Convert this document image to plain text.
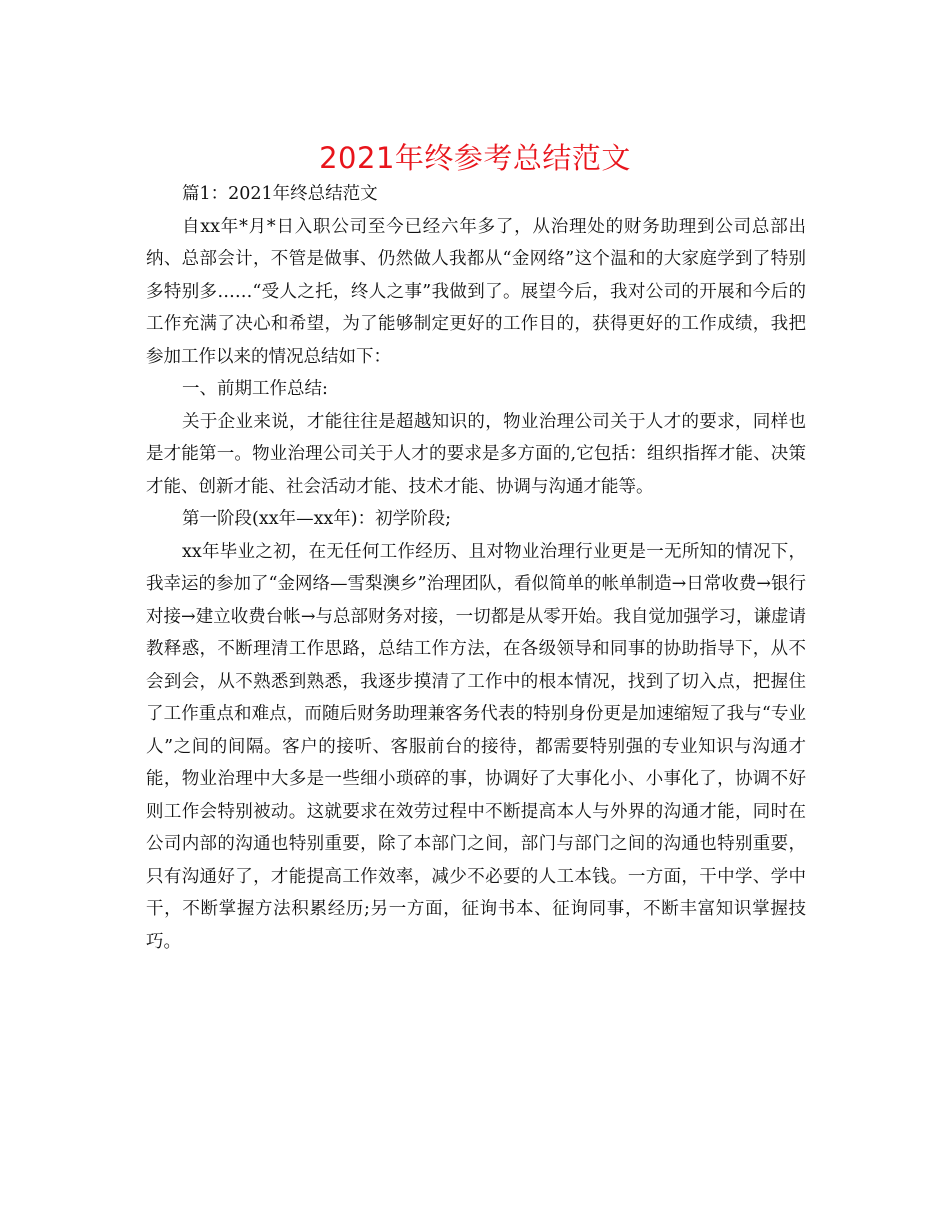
2021年终参考总结范文

篇1：2021年终总结范文

自xx年*月*日入职公司至今已经六年多了，从治理处的财务助理到公司总部出纳、总部会计，不管是做事、仍然做人我都从“金网络”这个温和的大家庭学到了特别多特别多……“受人之托，终人之事”我做到了。展望今后，我对公司的开展和今后的工作充满了决心和希望，为了能够制定更好的工作目的，获得更好的工作成绩，我把参加工作以来的情况总结如下：

一、前期工作总结:

关于企业来说，才能往往是超越知识的，物业治理公司关于人才的要求，同样也是才能第一。物业治理公司关于人才的要求是多方面的,它包括：组织指挥才能、决策才能、创新才能、社会活动才能、技术才能、协调与沟通才能等。

第一阶段(xx年—xx年)：初学阶段;

xx年毕业之初，在无任何工作经历、且对物业治理行业更是一无所知的情况下，我幸运的参加了“金网络—雪梨澳乡”治理团队，看似简单的帐单制造→日常收费→银行对接→建立收费台帐→与总部财务对接，一切都是从零开始。我自觉加强学习，谦虚请教释惑，不断理清工作思路，总结工作方法，在各级领导和同事的协助指导下，从不会到会，从不熟悉到熟悉，我逐步摸清了工作中的根本情况，找到了切入点，把握住了工作重点和难点，而随后财务助理兼客务代表的特别身份更是加速缩短了我与“专业人”之间的间隔。客户的接听、客服前台的接待，都需要特别强的专业知识与沟通才能，物业治理中大多是一些细小琐碎的事，协调好了大事化小、小事化了，协调不好则工作会特别被动。这就要求在效劳过程中不断提高本人与外界的沟通才能，同时在公司内部的沟通也特别重要，除了本部门之间，部门与部门之间的沟通也特别重要，只有沟通好了，才能提高工作效率，减少不必要的人工本钱。一方面，干中学、学中干，不断掌握方法积累经历;另一方面，征询书本、征询同事，不断丰富知识掌握技巧。
